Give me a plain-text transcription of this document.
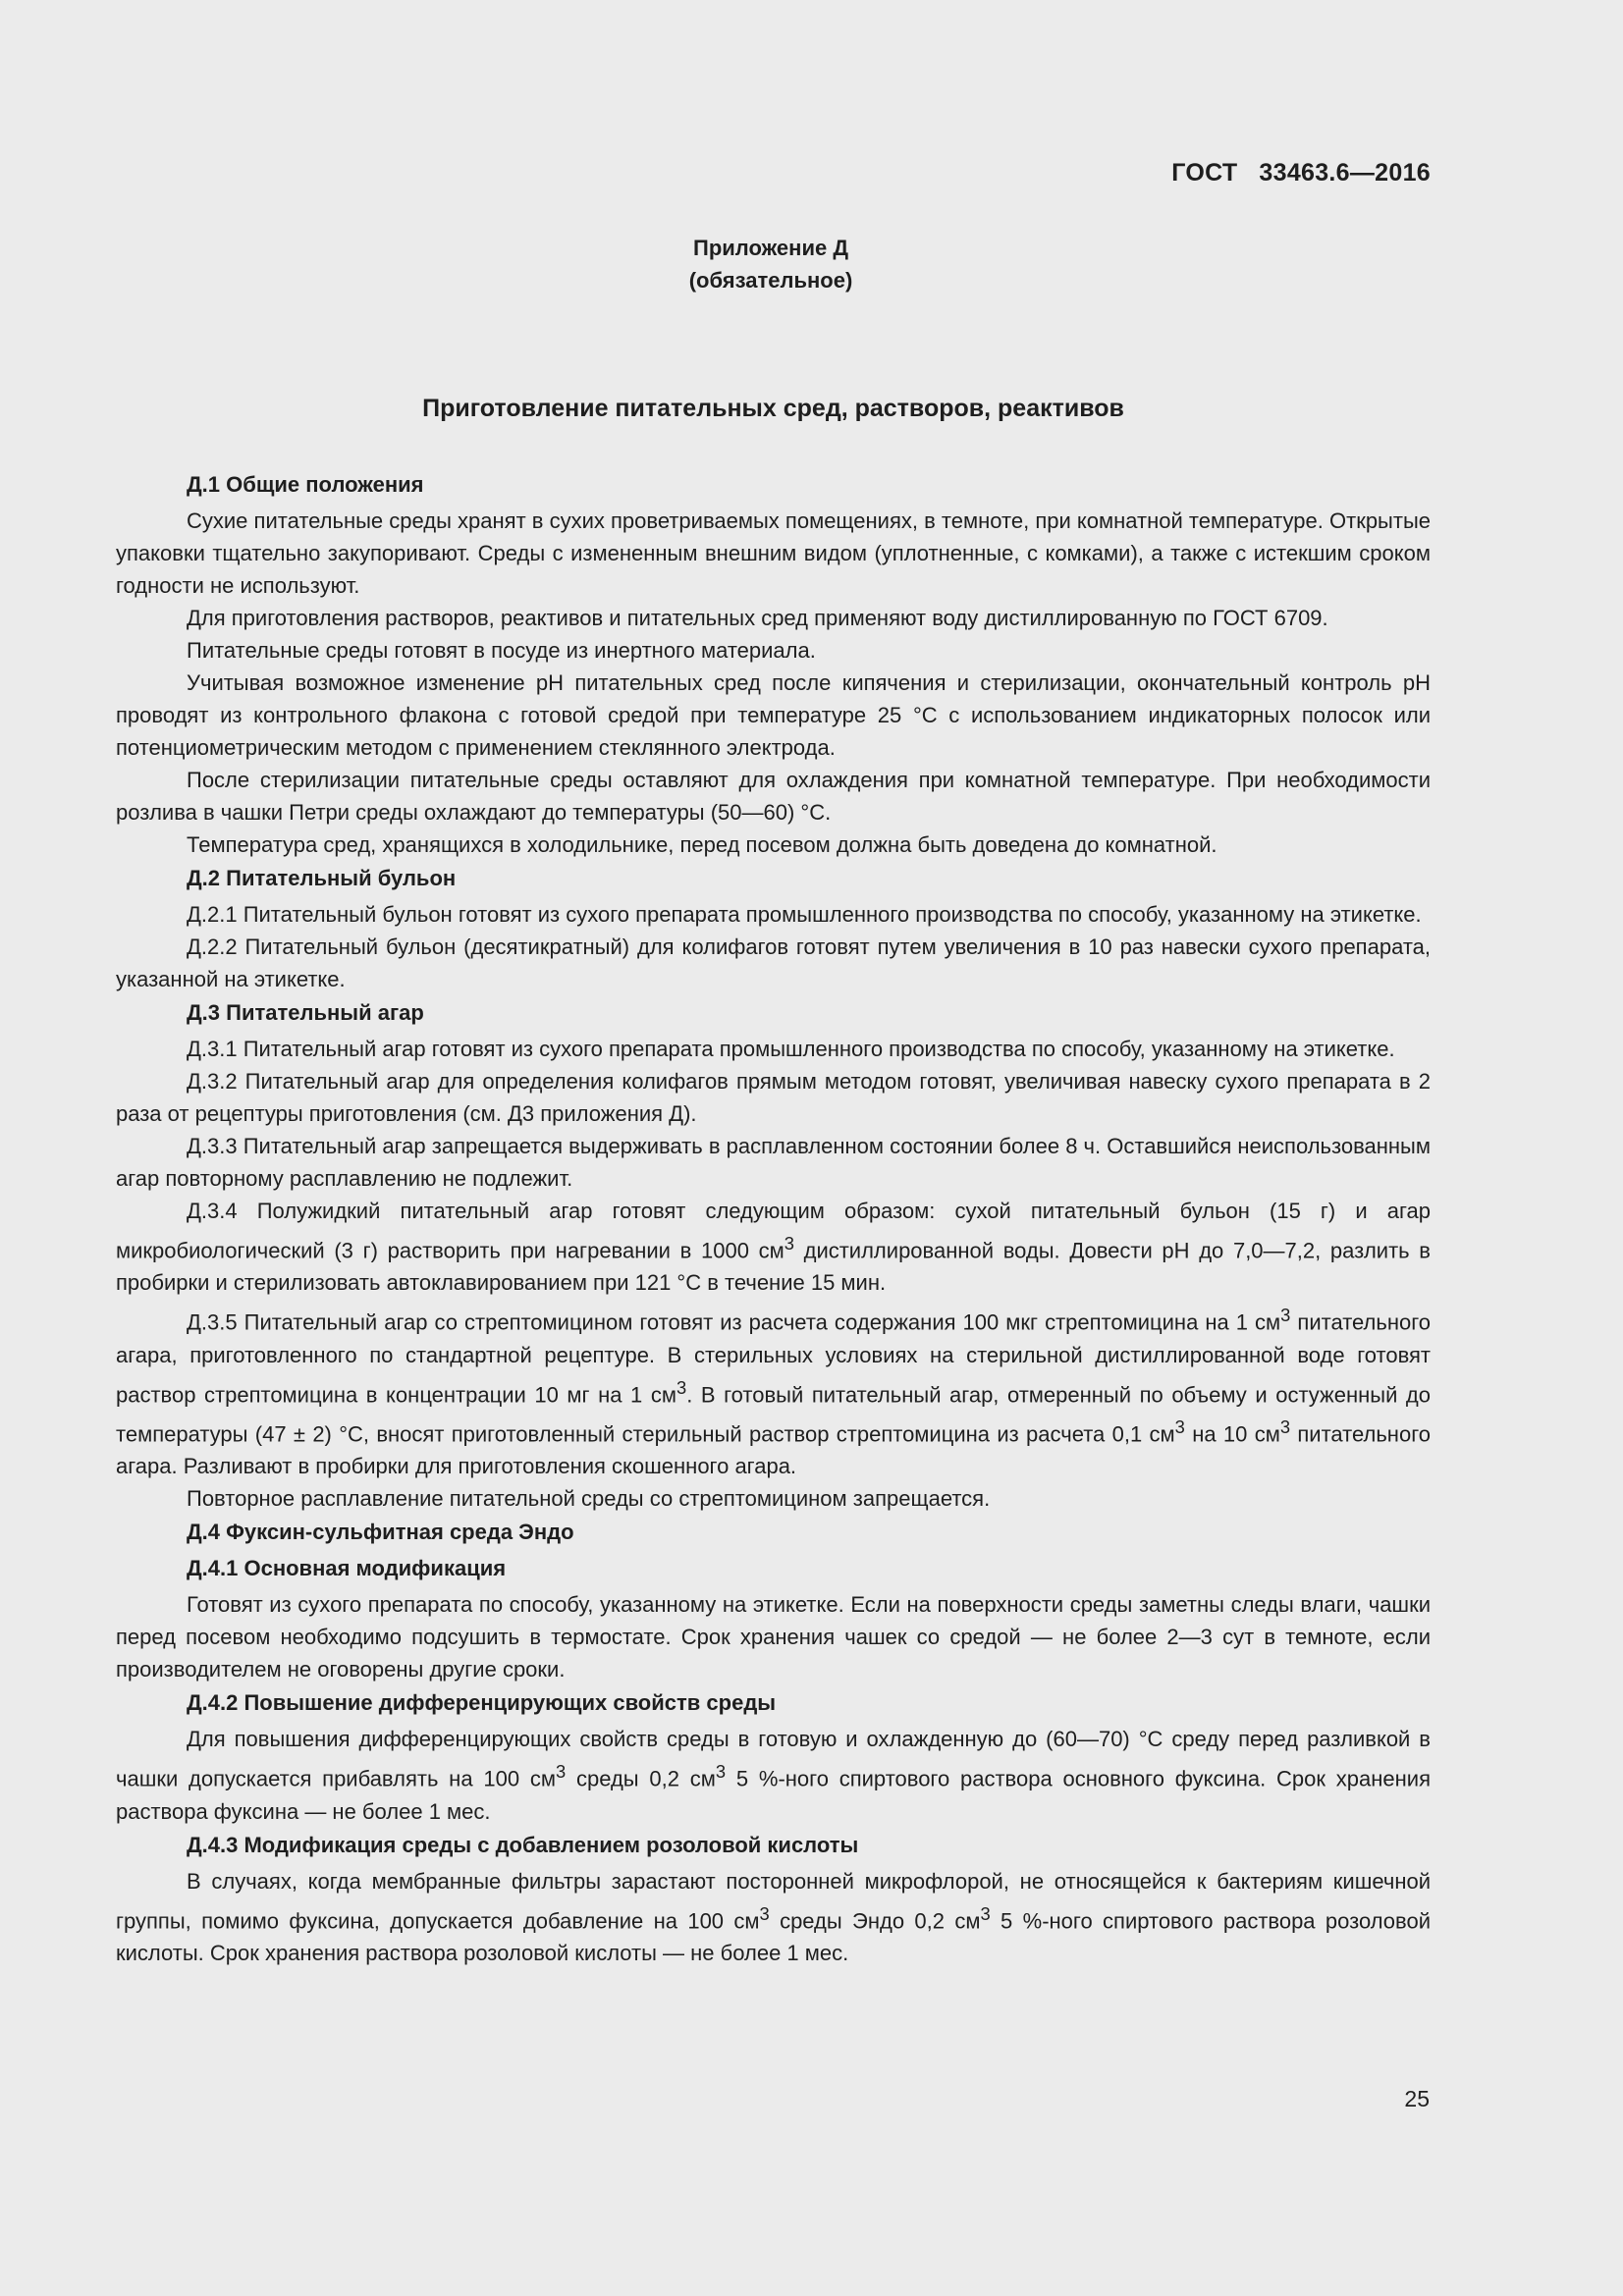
ГОСТ 33463.6—2016
Приложение Д
(обязательное)
Приготовление питательных сред, растворов, реактивов

Д.1 Общие положения

Сухие питательные среды хранят в сухих проветриваемых помещениях, в темноте, при комнатной температуре. Открытые упаковки тщательно закупоривают. Среды с измененным внешним видом (уплотненные, с комками), а также с истекшим сроком годности не используют.

Для приготовления растворов, реактивов и питательных сред применяют воду дистиллированную по ГОСТ 6709.

Питательные среды готовят в посуде из инертного материала.

Учитывая возможное изменение pH питательных сред после кипячения и стерилизации, окончательный контроль pH проводят из контрольного флакона с готовой средой при температуре 25 °С с использованием индикаторных полосок или потенциометрическим методом с применением стеклянного электрода.

После стерилизации питательные среды оставляют для охлаждения при комнатной температуре. При необходимости розлива в чашки Петри среды охлаждают до температуры (50—60) °С.

Температура сред, хранящихся в холодильнике, перед посевом должна быть доведена до комнатной.

Д.2 Питательный бульон

Д.2.1 Питательный бульон готовят из сухого препарата промышленного производства по способу, указанному на этикетке.

Д.2.2 Питательный бульон (десятикратный) для колифагов готовят путем увеличения в 10 раз навески сухого препарата, указанной на этикетке.

Д.3 Питательный агар

Д.3.1 Питательный агар готовят из сухого препарата промышленного производства по способу, указанному на этикетке.

Д.3.2 Питательный агар для определения колифагов прямым методом готовят, увеличивая навеску сухого препарата в 2 раза от рецептуры приготовления (см. Д3 приложения Д).

Д.3.3 Питательный агар запрещается выдерживать в расплавленном состоянии более 8 ч. Оставшийся неиспользованным агар повторному расплавлению не подлежит.

Д.3.4 Полужидкий питательный агар готовят следующим образом: сухой питательный бульон (15 г) и агар микробиологический (3 г) растворить при нагревании в 1000 $см^3$ дистиллированной воды. Довести pH до 7,0—7,2, разлить в пробирки и стерилизовать автоклавированием при 121 °С в течение 15 мин.

Д.3.5 Питательный агар со стрептомицином готовят из расчета содержания 100 мкг стрептомицина на 1 $см^3$ питательного агара, приготовленного по стандартной рецептуре. В стерильных условиях на стерильной дистиллированной воде готовят раствор стрептомицина в концентрации 10 мг на 1 $см^3$. В готовый питательный агар, отмеренный по объему и остуженный до температуры (47 ± 2) °С, вносят приготовленный стерильный раствор стрептомицина из расчета 0,1 $см^3$ на 10 $см^3$ питательного агара. Разливают в пробирки для приготовления скошенного агара.

Повторное расплавление питательной среды со стрептомицином запрещается.

Д.4 Фуксин-сульфитная среда Эндо

Д.4.1 Основная модификация

Готовят из сухого препарата по способу, указанному на этикетке. Если на поверхности среды заметны следы влаги, чашки перед посевом необходимо подсушить в термостате. Срок хранения чашек со средой — не более 2—3 сут в темноте, если производителем не оговорены другие сроки.

Д.4.2 Повышение дифференцирующих свойств среды

Для повышения дифференцирующих свойств среды в готовую и охлажденную до (60—70) °С среду перед разливкой в чашки допускается прибавлять на 100 $см^3$ среды 0,2 $см^3$ 5 %-ного спиртового раствора основного фуксина. Срок хранения раствора фуксина — не более 1 мес.

Д.4.3 Модификация среды с добавлением розоловой кислоты

В случаях, когда мембранные фильтры зарастают посторонней микрофлорой, не относящейся к бактериям кишечной группы, помимо фуксина, допускается добавление на 100 $см^3$ среды Эндо 0,2 $см^3$ 5 %-ного спиртового раствора розоловой кислоты. Срок хранения раствора розоловой кислоты — не более 1 мес.

25
